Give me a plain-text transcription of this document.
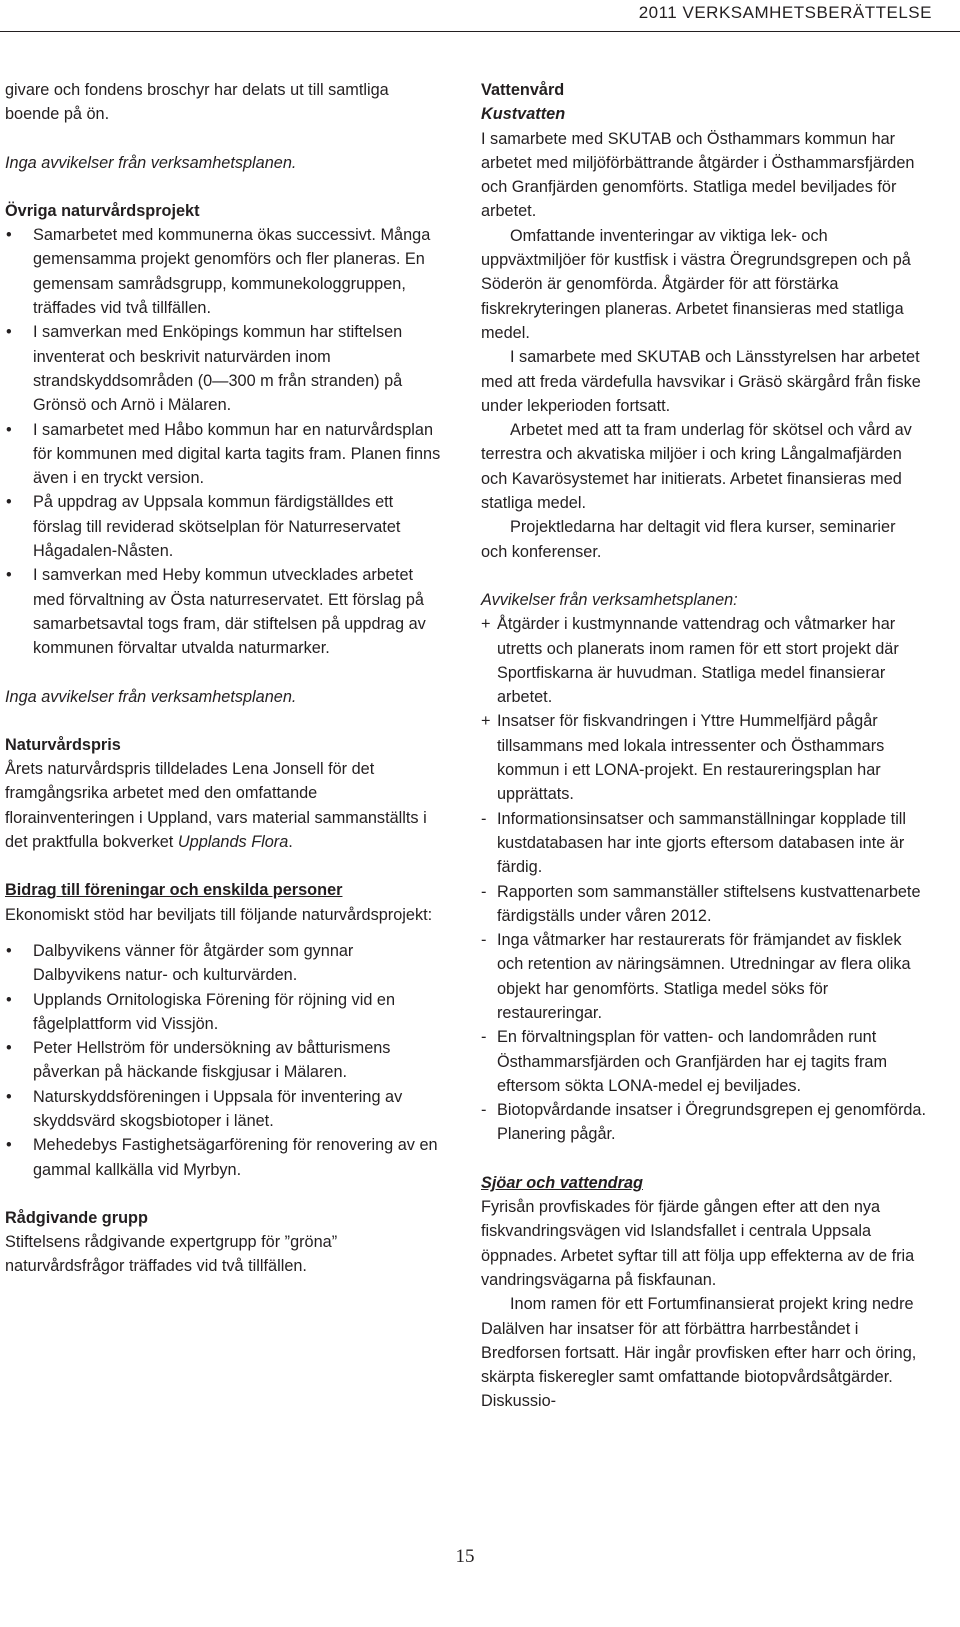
2011 VERKSAMHETSBERÄTTELSE

givare och fondens broschyr har delats ut till samtliga boende på ön.

Inga avvikelser från verksamhetsplanen.

Övriga naturvårdsprojekt

• Samarbetet med kommunerna ökas successivt. Många gemensamma projekt genomförs och fler planeras. En gemensam samrådsgrupp, kommunekologgruppen, träffades vid två tillfällen.
• I samverkan med Enköpings kommun har stiftelsen inventerat och beskrivit naturvärden inom strandskyddsområden (0—300 m från stranden) på Grönsö och Arnö i Mälaren.
• I samarbetet med Håbo kommun har en naturvårdsplan för kommunen med digital karta tagits fram. Planen finns även i en tryckt version.
• På uppdrag av Uppsala kommun färdigställdes ett förslag till reviderad skötselplan för Naturreservatet Hågadalen-Nåsten.
• I samverkan med Heby kommun utvecklades arbetet med förvaltning av Östa naturreservatet. Ett förslag på samarbetsavtal togs fram, där stiftelsen på uppdrag av kommunen förvaltar utvalda naturmarker.

Inga avvikelser från verksamhetsplanen.

Naturvårdspris

Årets naturvårdspris tilldelades Lena Jonsell för det framgångsrika arbetet med den omfattande florainventeringen i Uppland, vars material sammanställts i det praktfulla bokverket Upplands Flora.

Bidrag till föreningar och enskilda personer

Ekonomiskt stöd har beviljats till följande naturvårdsprojekt:

• Dalbyvikens vänner för åtgärder som gynnar Dalbyvikens natur- och kulturvärden.
• Upplands Ornitologiska Förening för röjning vid en fågelplattform vid Vissjön.
• Peter Hellström för undersökning av båtturismens påverkan på häckande fiskgjusar i Mälaren.
• Naturskyddsföreningen i Uppsala för inventering av skyddsvärd skogsbiotoper i länet.
• Mehedebys Fastighetsägarförening för renovering av en gammal kallkälla vid Myrbyn.

Rådgivande grupp

Stiftelsens rådgivande expertgrupp för ”gröna” naturvårdsfrågor träffades vid två tillfällen.

Vattenvård

Kustvatten

I samarbete med SKUTAB och Östhammars kommun har arbetet med miljöförbättrande åtgärder i Östhammarsfjärden och Granfjärden genomförts. Statliga medel beviljades för arbetet.

Omfattande inventeringar av viktiga lek- och uppväxtmiljöer för kustfisk i västra Öregrundsgrepen och på Söderön är genomförda. Åtgärder för att förstärka fiskrekryteringen planeras. Arbetet finansieras med statliga medel.

I samarbete med SKUTAB och Länsstyrelsen har arbetet med att freda värdefulla havsvikar i Gräsö skärgård från fiske under lekperioden fortsatt.

Arbetet med att ta fram underlag för skötsel och vård av terrestra och akvatiska miljöer i och kring Långalmafjärden och Kavarösystemet har initierats. Arbetet finansieras med statliga medel.

Projektledarna har deltagit vid flera kurser, seminarier och konferenser.

Avvikelser från verksamhetsplanen:

+ Åtgärder i kustmynnande vattendrag och våtmarker har utretts och planerats inom ramen för ett stort projekt där Sportfiskarna är huvudman. Statliga medel finansierar arbetet.
+ Insatser för fiskvandringen i Yttre Hummelfjärd pågår tillsammans med lokala intressenter och Östhammars kommun i ett LONA-projekt. En restaureringsplan har upprättats.
- Informationsinsatser och sammanställningar kopplade till kustdatabasen har inte gjorts eftersom databasen inte är färdig.
- Rapporten som sammanställer stiftelsens kustvattenarbete färdigställs under våren 2012.
- Inga våtmarker har restaurerats för främjandet av fisklek och retention av näringsämnen. Utredningar av flera olika objekt har genomförts. Statliga medel söks för restaureringar.
- En förvaltningsplan för vatten- och landområden runt Östhammarsfjärden och Granfjärden har ej tagits fram eftersom sökta LONA-medel ej beviljades.
- Biotopvårdande insatser i Öregrundsgrepen ej genomförda. Planering pågår.

Sjöar och vattendrag

Fyrisån provfiskades för fjärde gången efter att den nya fiskvandringsvägen vid Islandsfallet i centrala Uppsala öppnades. Arbetet syftar till att följa upp effekterna av de fria vandringsvägarna på fiskfaunan.

Inom ramen för ett Fortumfinansierat projekt kring nedre Dalälven har insatser för att förbättra harrbeståndet i Bredforsen fortsatt. Här ingår provfisken efter harr och öring, skärpta fiskeregler samt omfattande biotopvårdsåtgärder. Diskussio-

15
